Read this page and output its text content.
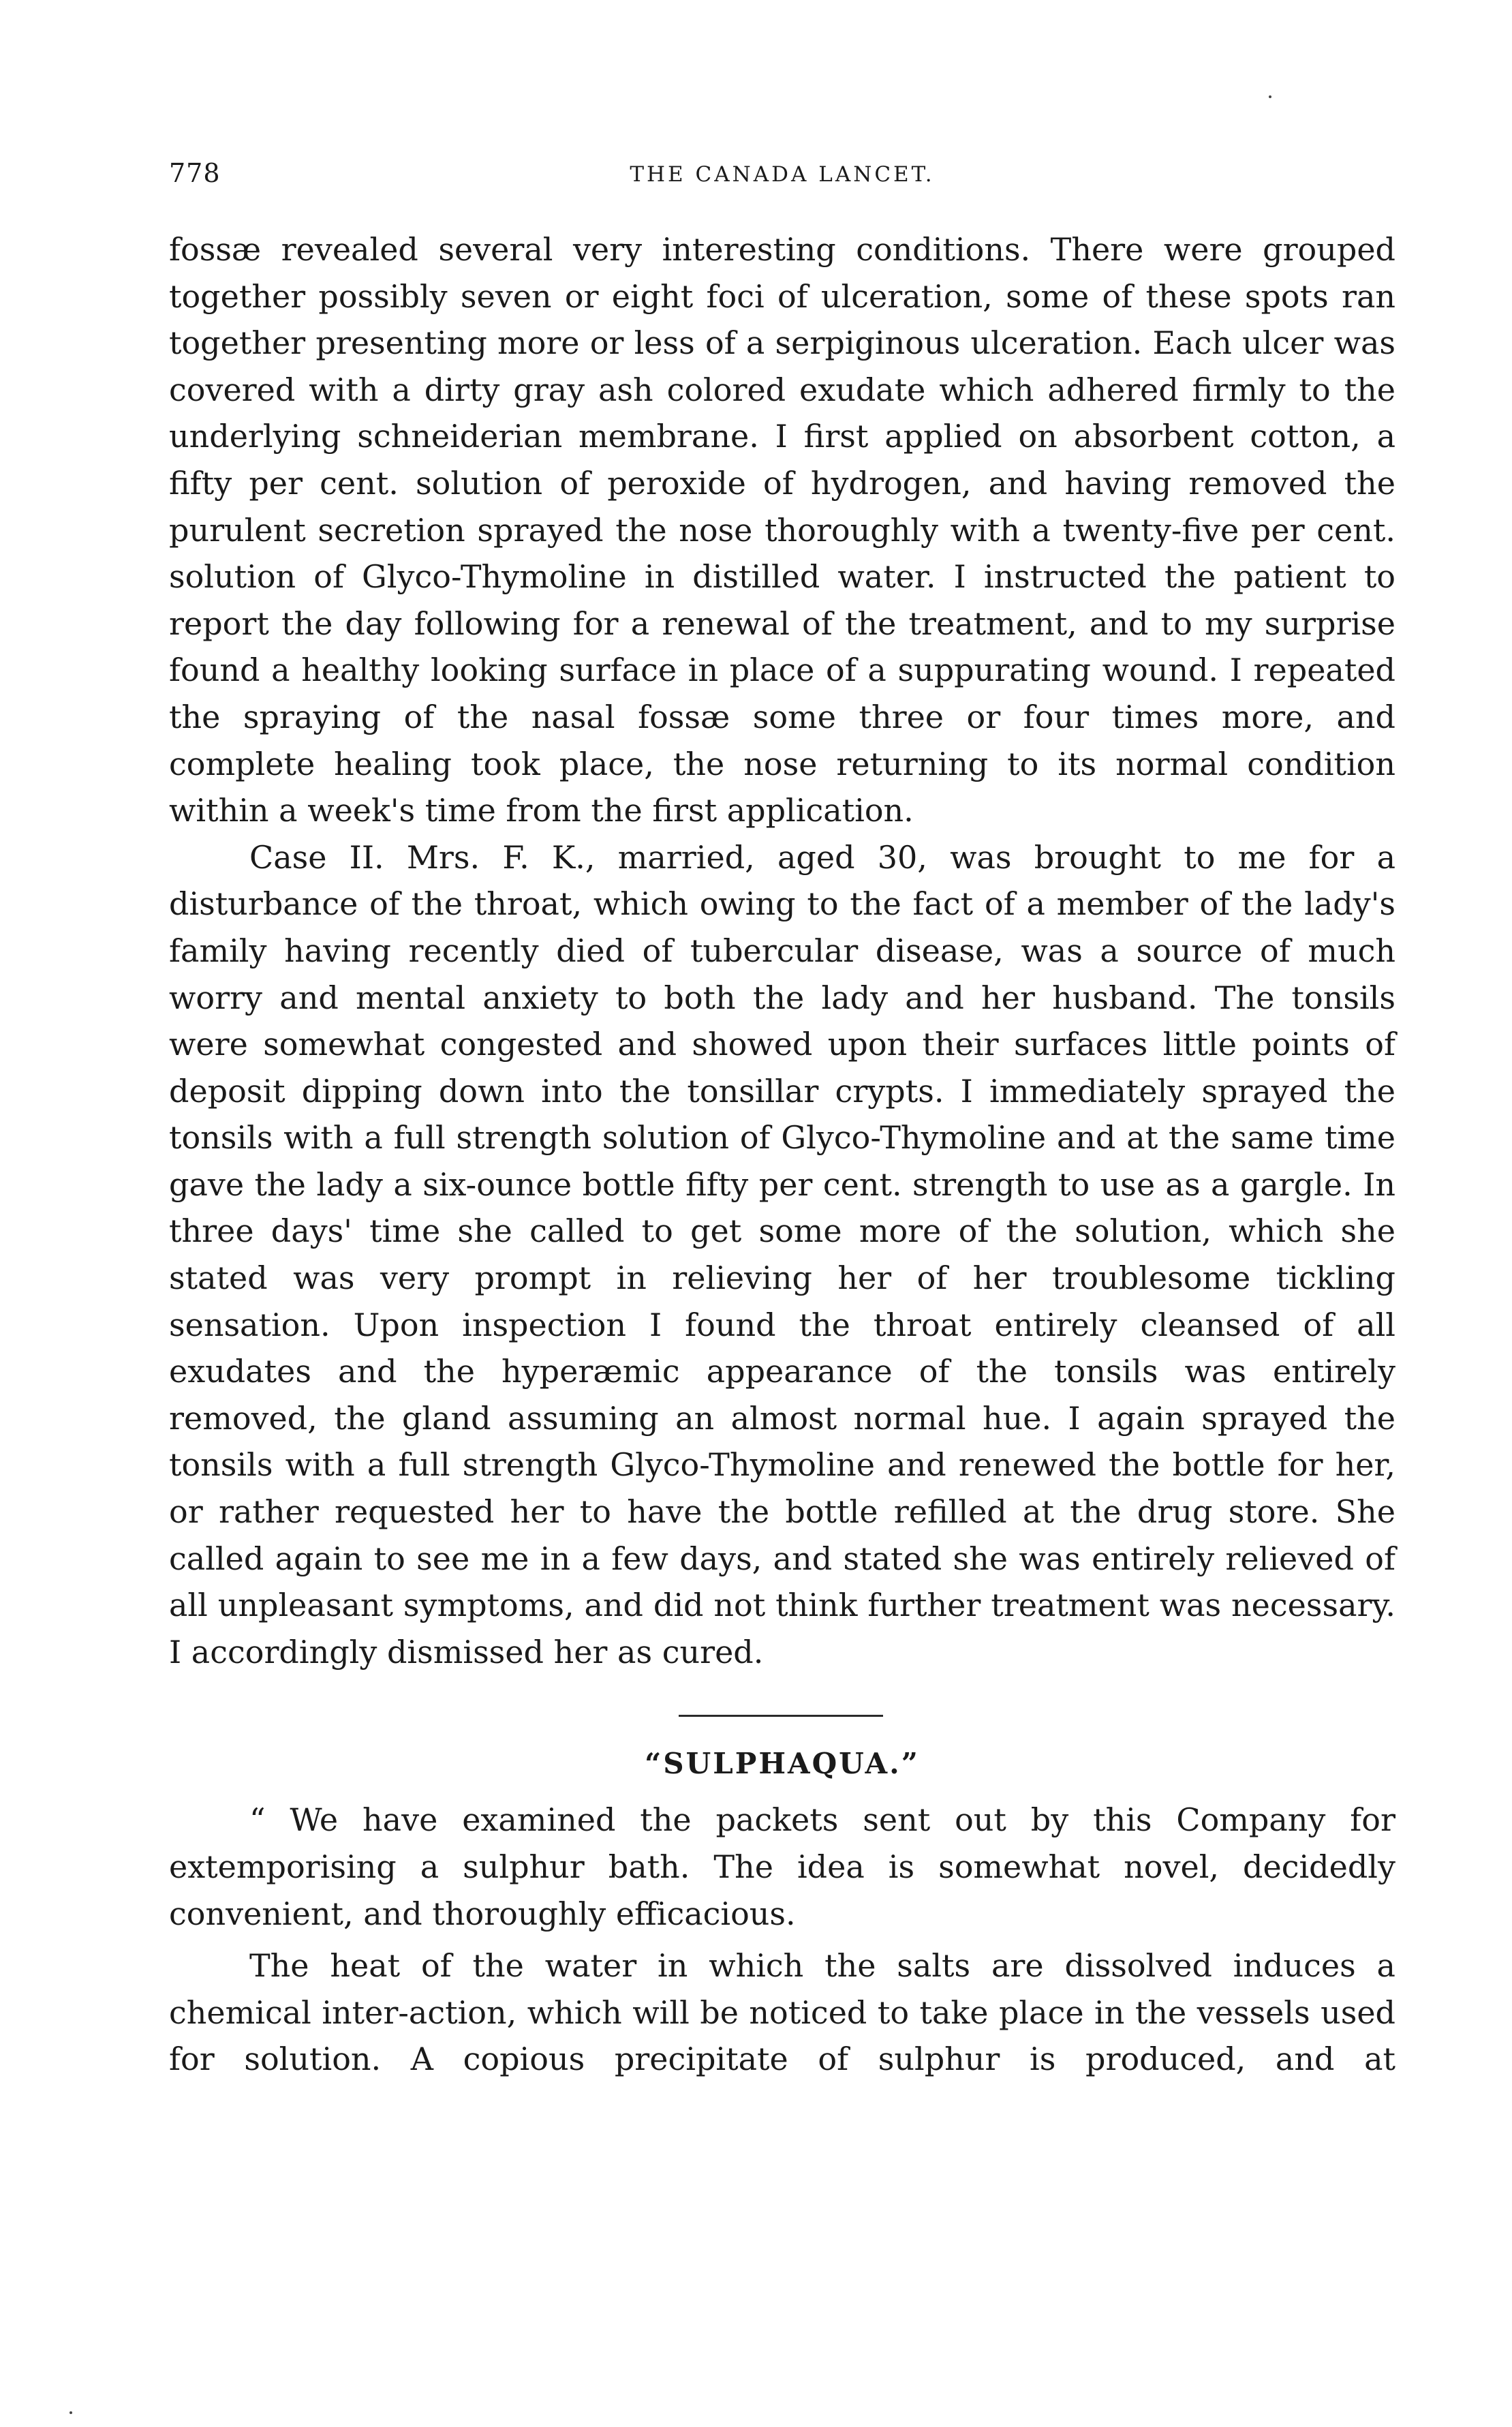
778	THE CANADA LANCET.

fossæ revealed several very interesting conditions. There were grouped together possibly seven or eight foci of ulceration, some of these spots ran together presenting more or less of a serpiginous ulceration. Each ulcer was covered with a dirty gray ash colored exudate which adhered firmly to the underlying schneiderian membrane. I first applied on absorbent cotton, a fifty per cent. solution of peroxide of hydrogen, and having removed the purulent secretion sprayed the nose thoroughly with a twenty-five per cent. solution of Glyco-Thymoline in distilled water. I instructed the patient to report the day following for a renewal of the treatment, and to my surprise found a healthy looking surface in place of a suppurating wound. I repeated the spraying of the nasal fossæ some three or four times more, and complete healing took place, the nose returning to its normal condition within a week's time from the first application.

Case II. Mrs. F. K., married, aged 30, was brought to me for a disturbance of the throat, which owing to the fact of a member of the lady's family having recently died of tubercular disease, was a source of much worry and mental anxiety to both the lady and her husband. The tonsils were somewhat congested and showed upon their surfaces little points of deposit dipping down into the tonsillar crypts. I immediately sprayed the tonsils with a full strength solution of Glyco-Thymoline and at the same time gave the lady a six-ounce bottle fifty per cent. strength to use as a gargle. In three days' time she called to get some more of the solution, which she stated was very prompt in relieving her of her troublesome tickling sensation. Upon inspection I found the throat entirely cleansed of all exudates and the hyperæmic appearance of the tonsils was entirely removed, the gland assuming an almost normal hue. I again sprayed the tonsils with a full strength Glyco-Thymoline and renewed the bottle for her, or rather requested her to have the bottle refilled at the drug store. She called again to see me in a few days, and stated she was entirely relieved of all unpleasant symptoms, and did not think further treatment was necessary. I accordingly dismissed her as cured.

“SULPHAQUA.”

“ We have examined the packets sent out by this Company for extemporising a sulphur bath. The idea is somewhat novel, decidedly convenient, and thoroughly efficacious.

The heat of the water in which the salts are dissolved induces a chemical inter-action, which will be noticed to take place in the vessels used for solution. A copious precipitate of sulphur is produced, and at
